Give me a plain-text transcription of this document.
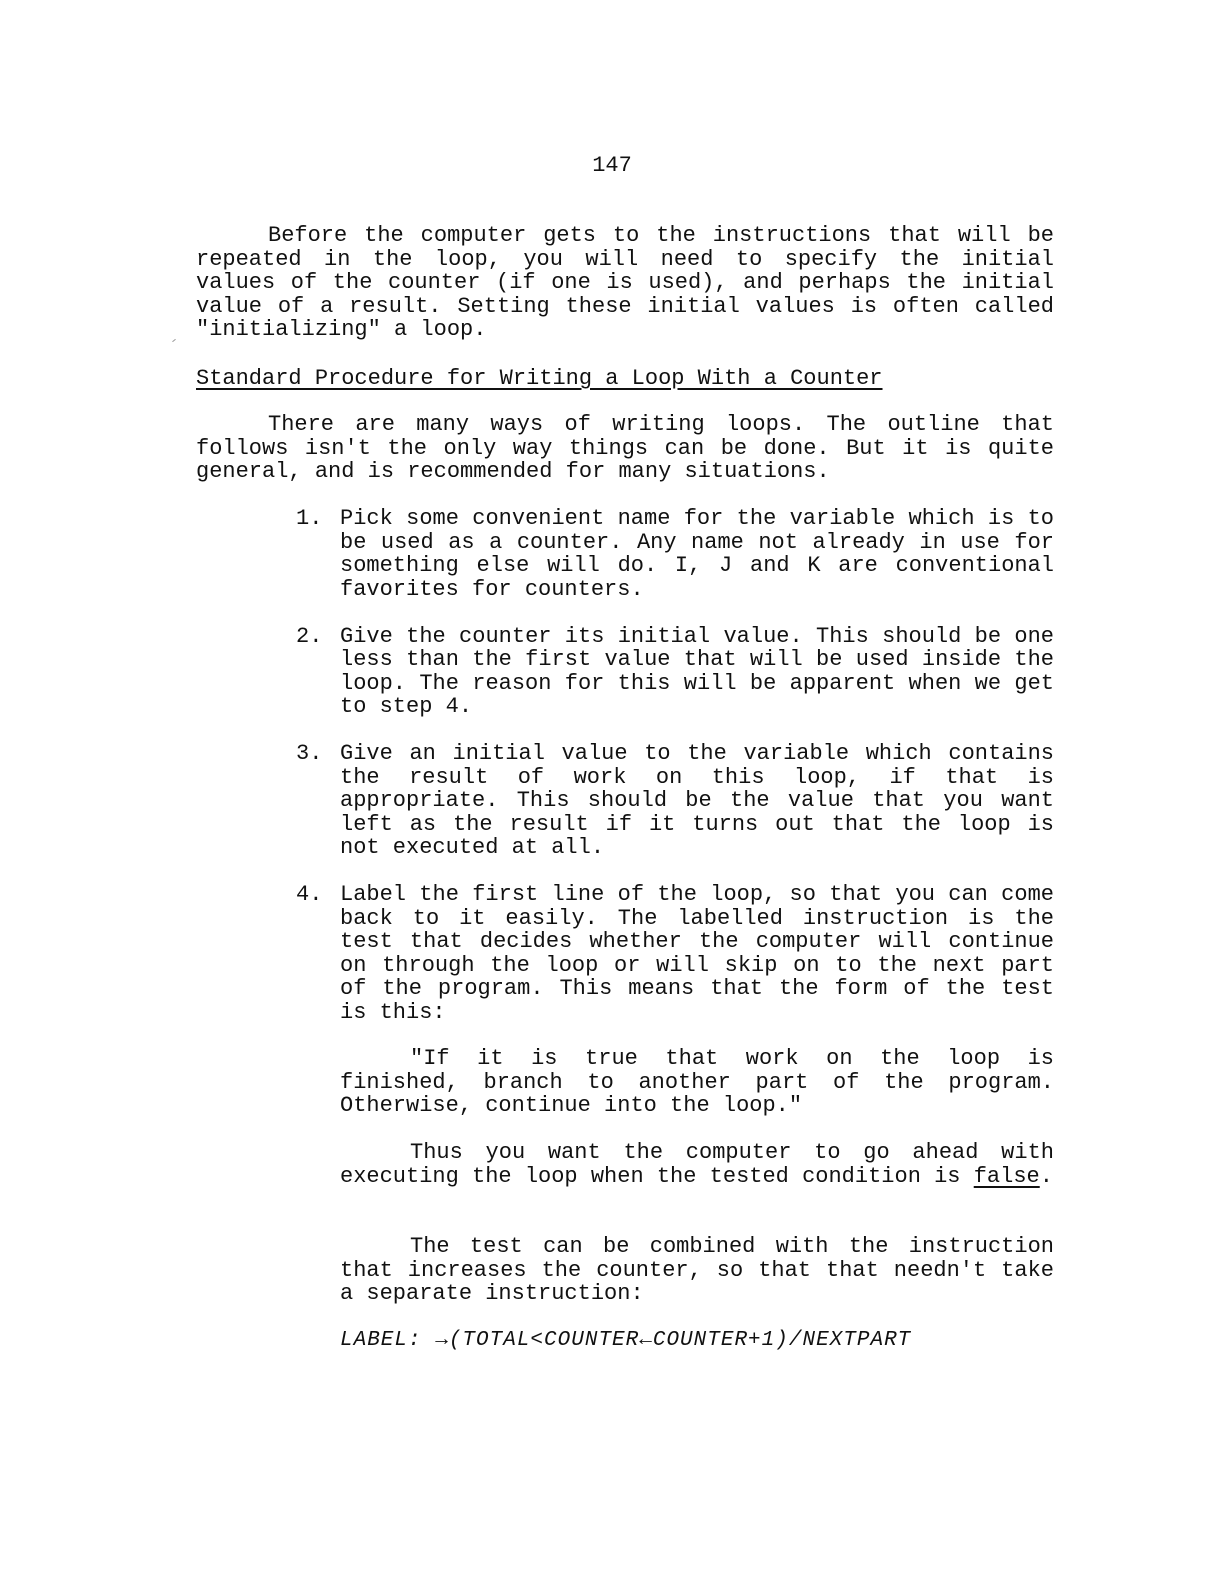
147

Before the computer gets to the instructions that will be repeated in the loop, you will need to specify the initial values of the counter (if one is used), and perhaps the initial value of a result. Setting these initial values is often called "initializing" a loop.

Standard Procedure for Writing a Loop With a Counter

There are many ways of writing loops. The outline that follows isn't the only way things can be done. But it is quite general, and is recommended for many situations.

1. Pick some convenient name for the variable which is to be used as a counter. Any name not already in use for something else will do. I, J and K are conventional favorites for counters.
2. Give the counter its initial value. This should be one less than the first value that will be used inside the loop. The reason for this will be apparent when we get to step 4.
3. Give an initial value to the variable which contains the result of work on this loop, if that is appropriate. This should be the value that you want left as the result if it turns out that the loop is not executed at all.
4. Label the first line of the loop, so that you can come back to it easily. The labelled instruction is the test that decides whether the computer will continue on through the loop or will skip on to the next part of the program. This means that the form of the test is this:

"If it is true that work on the loop is finished, branch to another part of the program. Otherwise, continue into the loop."

Thus you want the computer to go ahead with executing the loop when the tested condition is false.

The test can be combined with the instruction that increases the counter, so that that needn't take a separate instruction:

LABEL: →(TOTAL<COUNTER←COUNTER+1)/NEXTPART
